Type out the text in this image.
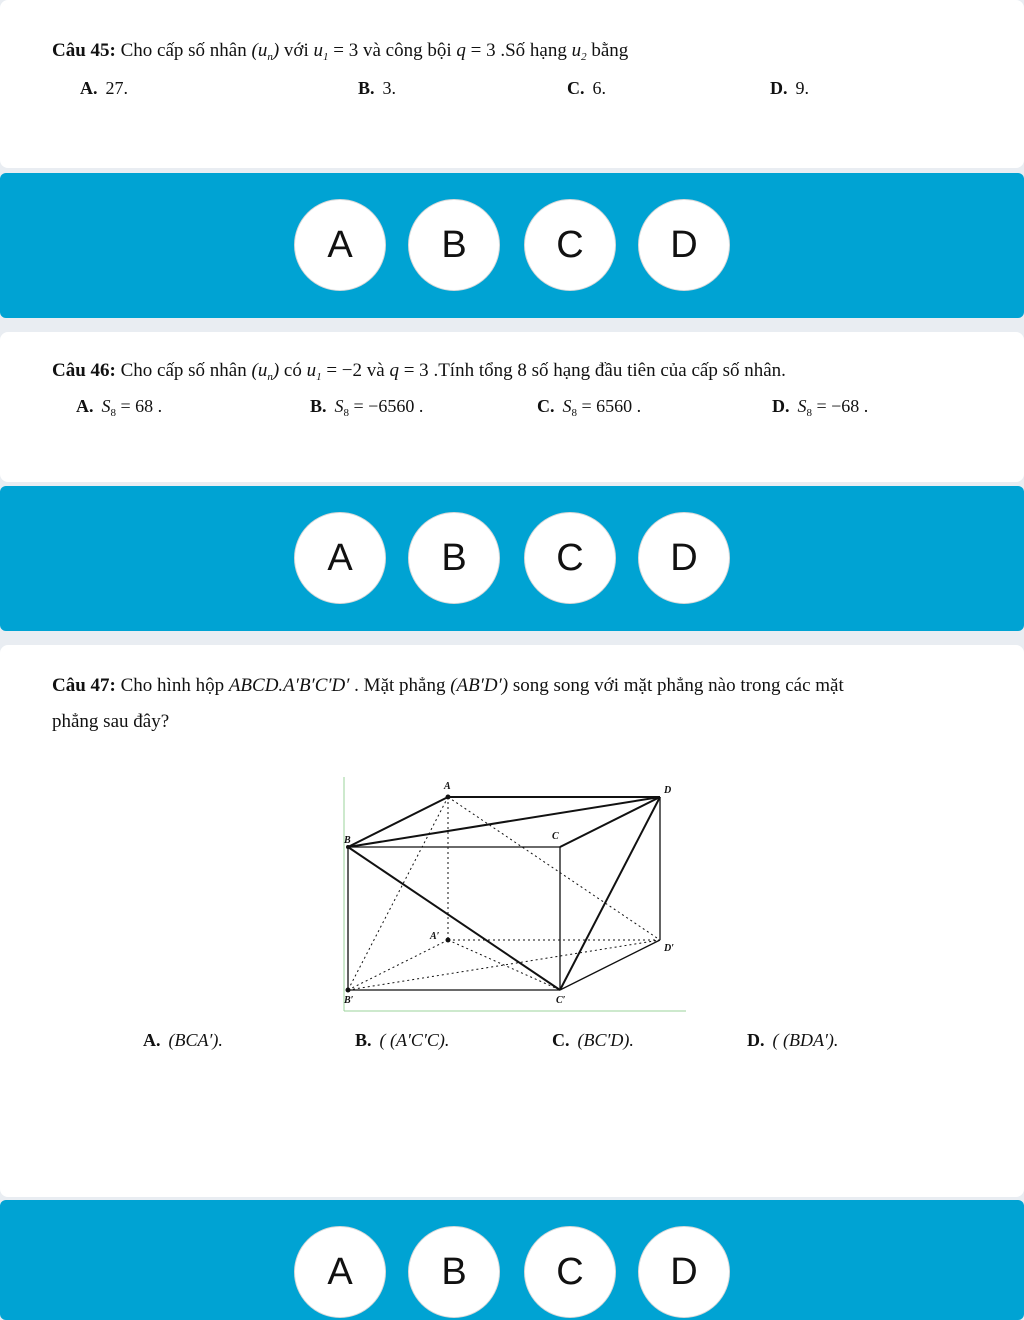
Câu 45: Cho cấp số nhân $(u_n)$ với $u_1 = 3$ và công bội q = 3 .Số hạng $u_2$ bằng
A. 27.	B. 3.	C. 6.	D. 9.
A	B	C	D
Câu 46: Cho cấp số nhân $(u_n)$ có $u_1 = -2$ và q = 3 .Tính tổng 8 số hạng đầu tiên của cấp số nhân.
A. $S_8 = 68$ .	B. $S_8 = -6560$ .	C. $S_8 = 6560$ .	D. $S_8 = -68$ .
A	B	C	D
Câu 47: Cho hình hộp ABCD.A′B′C′D′ . Mặt phẳng (AB′D′) song song với mặt phẳng nào trong các mặt
phẳng sau đây?
A. (BCA′).	B. ( (A′C′C).	C. (BC′D).	D. ( (BDA′).
A	D
B	C
A′
D′
B′	C′
A	B	C	D
